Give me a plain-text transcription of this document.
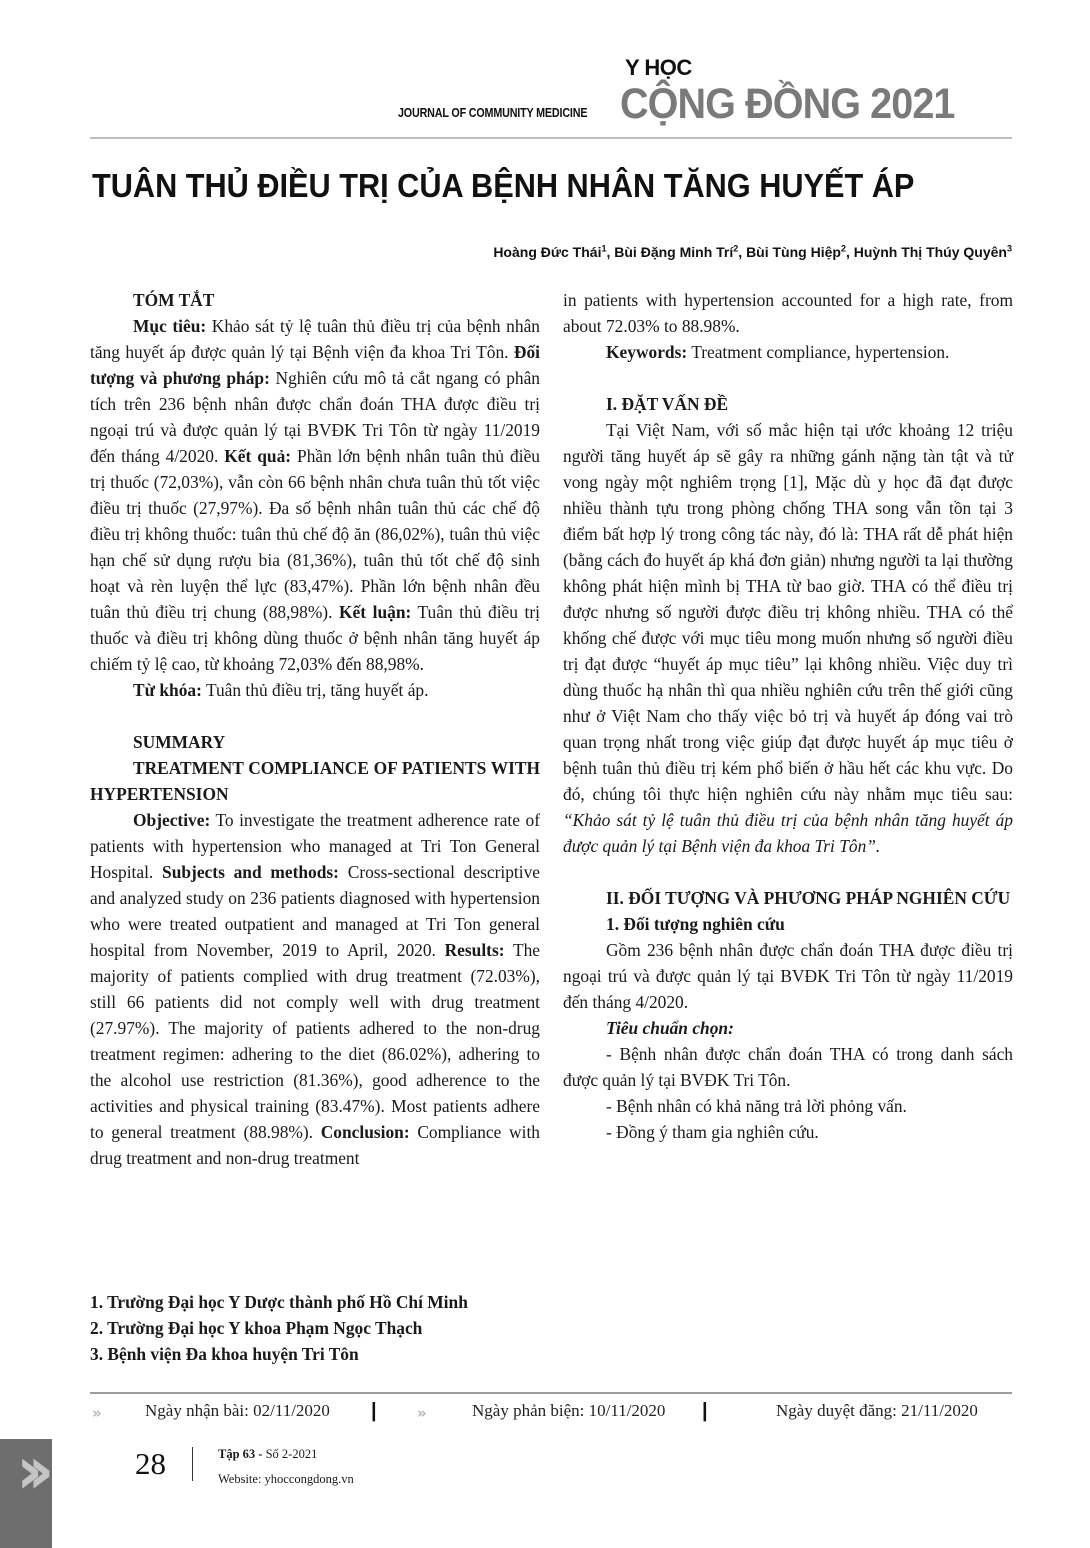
JOURNAL OF COMMUNITY MEDICINE
Y HỌC
CỘNG ĐỒNG 2021
TUÂN THỦ ĐIỀU TRỊ CỦA BỆNH NHÂN TĂNG HUYẾT ÁP
Hoàng Đức Thái$^1$, Bùi Đặng Minh Trí$^2$, Bùi Tùng Hiệp$^2$, Huỳnh Thị Thúy Quyên$^3$

TÓM TẮT

Mục tiêu: Khảo sát tỷ lệ tuân thủ điều trị của bệnh nhân tăng huyết áp được quản lý tại Bệnh viện đa khoa Tri Tôn. Đối tượng và phương pháp: Nghiên cứu mô tả cắt ngang có phân tích trên 236 bệnh nhân được chẩn đoán THA được điều trị ngoại trú và được quản lý tại BVĐK Tri Tôn từ ngày 11/2019 đến tháng 4/2020. Kết quả: Phần lớn bệnh nhân tuân thủ điều trị thuốc (72,03%), vẫn còn 66 bệnh nhân chưa tuân thủ tốt việc điều trị thuốc (27,97%). Đa số bệnh nhân tuân thủ các chế độ điều trị không thuốc: tuân thủ chế độ ăn (86,02%), tuân thủ việc hạn chế sử dụng rượu bia (81,36%), tuân thủ tốt chế độ sinh hoạt và rèn luyện thể lực (83,47%). Phần lớn bệnh nhân đều tuân thủ điều trị chung (88,98%). Kết luận: Tuân thủ điều trị thuốc và điều trị không dùng thuốc ở bệnh nhân tăng huyết áp chiếm tỷ lệ cao, từ khoảng 72,03% đến 88,98%.

Từ khóa: Tuân thủ điều trị, tăng huyết áp.

SUMMARY

TREATMENT COMPLIANCE OF PATIENTS WITH HYPERTENSION

Objective: To investigate the treatment adherence rate of patients with hypertension who managed at Tri Ton General Hospital. Subjects and methods: Cross-sectional descriptive and analyzed study on 236 patients diagnosed with hypertension who were treated outpatient and managed at Tri Ton general hospital from November, 2019 to April, 2020. Results: The majority of patients complied with drug treatment (72.03%), still 66 patients did not comply well with drug treatment (27.97%). The majority of patients adhered to the non-drug treatment regimen: adhering to the diet (86.02%), adhering to the alcohol use restriction (81.36%), good adherence to the activities and physical training (83.47%). Most patients adhere to general treatment (88.98%). Conclusion: Compliance with drug treatment and non-drug treatment

in patients with hypertension accounted for a high rate, from about 72.03% to 88.98%.

Keywords: Treatment compliance, hypertension.

I. ĐẶT VẤN ĐỀ

Tại Việt Nam, với số mắc hiện tại ước khoảng 12 triệu người tăng huyết áp sẽ gây ra những gánh nặng tàn tật và tử vong ngày một nghiêm trọng [1], Mặc dù y học đã đạt được nhiều thành tựu trong phòng chống THA song vẫn tồn tại 3 điểm bất hợp lý trong công tác này, đó là: THA rất dễ phát hiện (bằng cách đo huyết áp khá đơn giản) nhưng người ta lại thường không phát hiện mình bị THA từ bao giờ. THA có thể điều trị được nhưng số người được điều trị không nhiều. THA có thể khống chế được với mục tiêu mong muốn nhưng số người điều trị đạt được “huyết áp mục tiêu” lại không nhiều. Việc duy trì dùng thuốc hạ nhân thì qua nhiều nghiên cứu trên thế giới cũng như ở Việt Nam cho thấy việc bỏ trị và huyết áp đóng vai trò quan trọng nhất trong việc giúp đạt được huyết áp mục tiêu ở bệnh tuân thủ điều trị kém phổ biến ở hầu hết các khu vực. Do đó, chúng tôi thực hiện nghiên cứu này nhằm mục tiêu sau: “Khảo sát tỷ lệ tuân thủ điều trị của bệnh nhân tăng huyết áp được quản lý tại Bệnh viện đa khoa Tri Tôn”.

II. ĐỐI TƯỢNG VÀ PHƯƠNG PHÁP NGHIÊN CỨU

1. Đối tượng nghiên cứu

Gồm 236 bệnh nhân được chẩn đoán THA được điều trị ngoại trú và được quản lý tại BVĐK Tri Tôn từ ngày 11/2019 đến tháng 4/2020.

Tiêu chuẩn chọn:

- Bệnh nhân được chẩn đoán THA có trong danh sách được quản lý tại BVĐK Tri Tôn.

- Bệnh nhân có khả năng trả lời phỏng vấn.

- Đồng ý tham gia nghiên cứu.

1. Trường Đại học Y Dược thành phố Hồ Chí Minh
2. Trường Đại học Y khoa Phạm Ngọc Thạch
3. Bệnh viện Đa khoa huyện Tri Tôn
»	Ngày nhận bài: 02/11/2020 |	»	Ngày phản biện: 10/11/2020 |	Ngày duyệt đăng: 21/11/2020
››	28	Tập 63 - Số 2-2021
Website: yhoccongdong.vn
